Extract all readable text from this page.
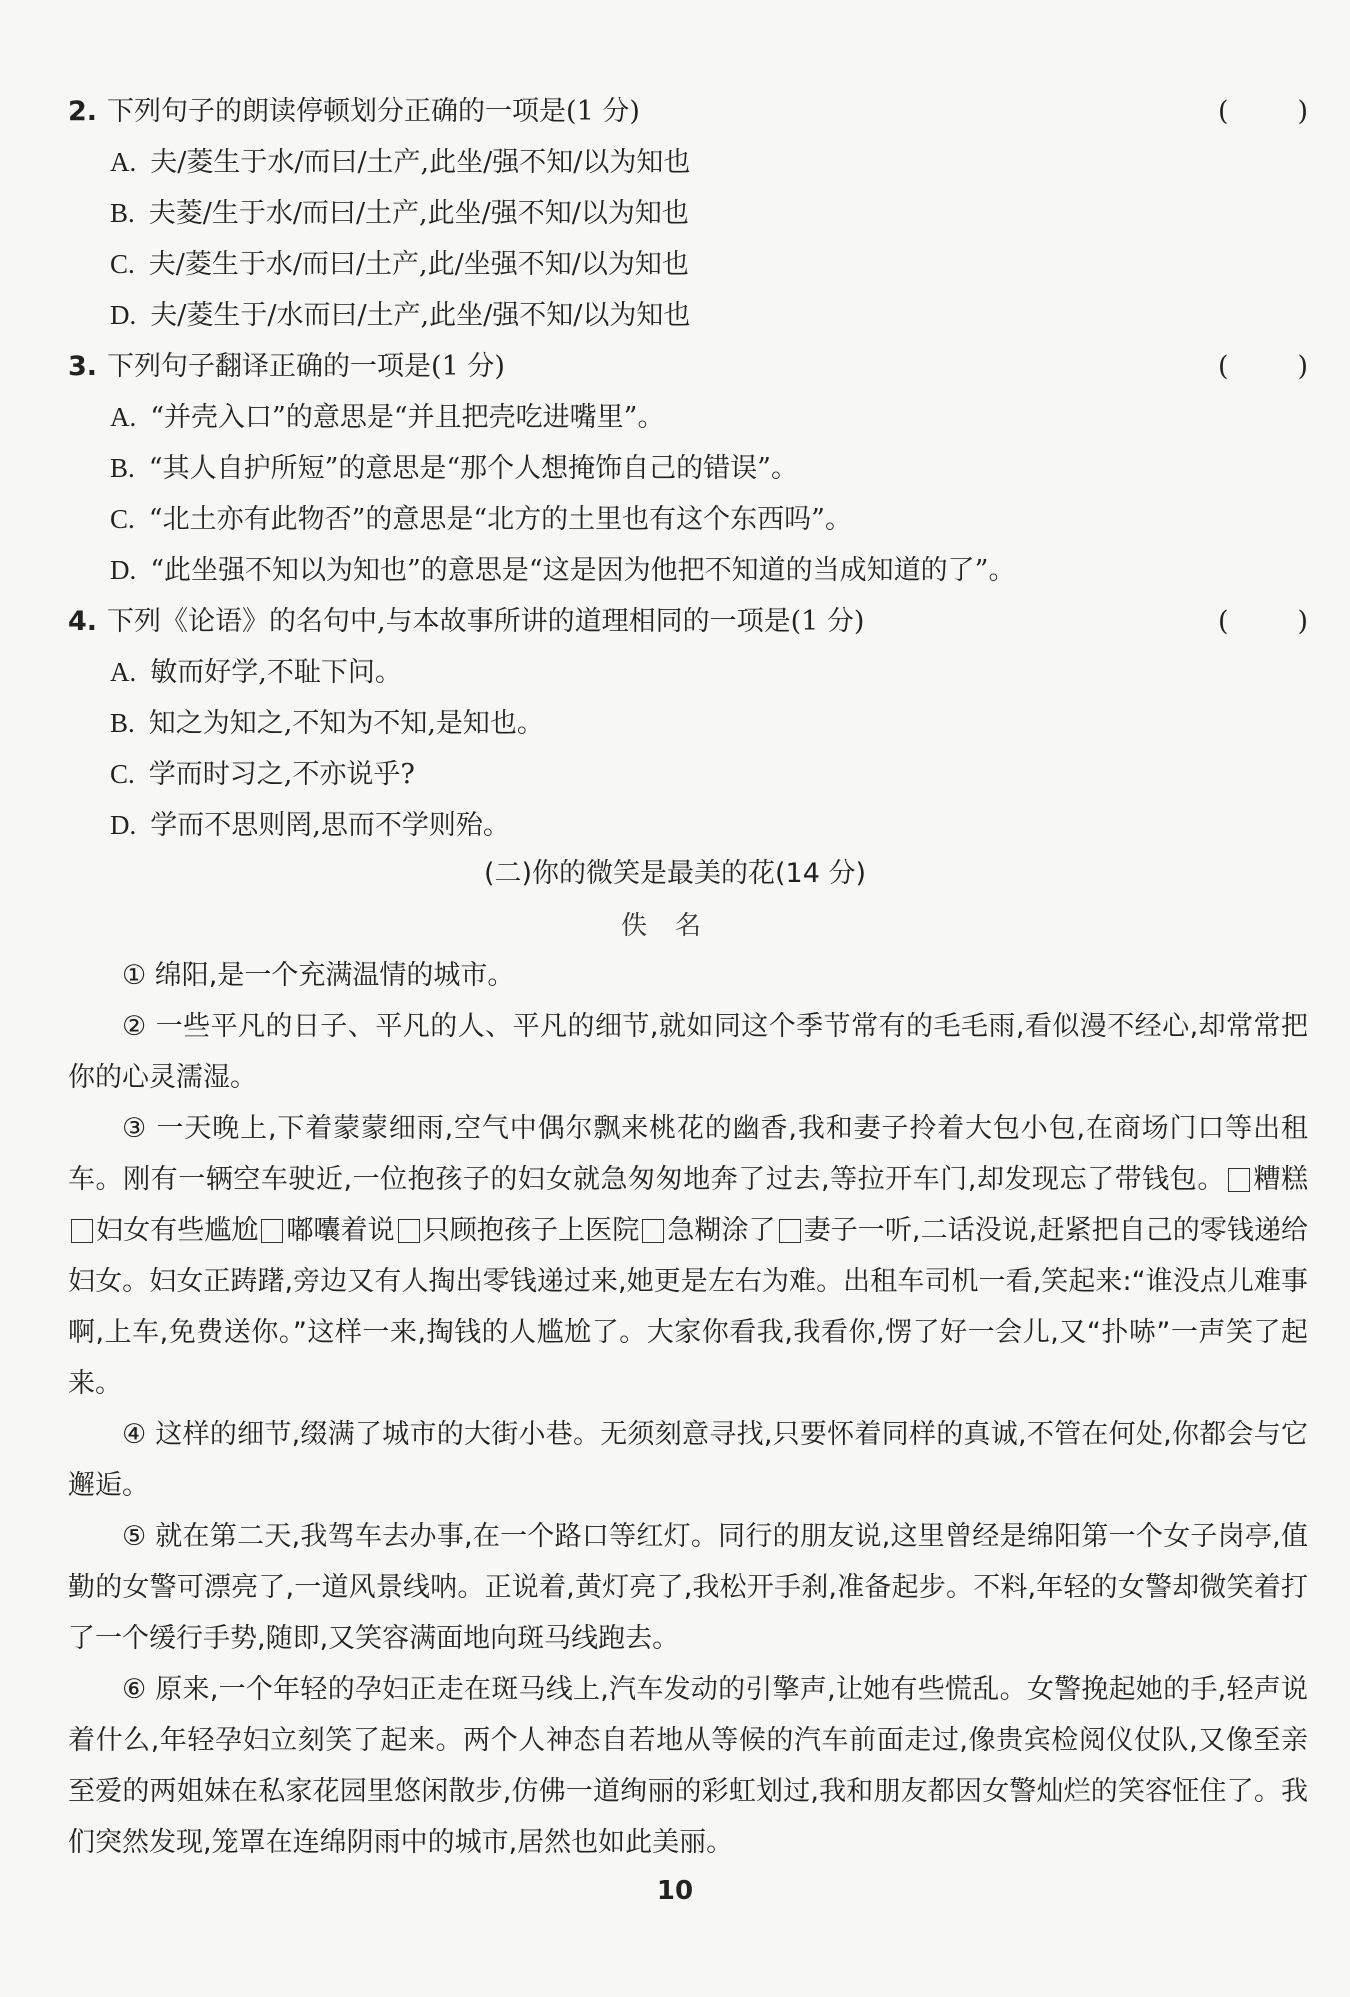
2. 下列句子的朗读停顿划分正确的一项是(1 分)	(	)
A. 夫/菱生于水/而曰/土产,此坐/强不知/以为知也
B. 夫菱/生于水/而曰/土产,此坐/强不知/以为知也
C. 夫/菱生于水/而曰/土产,此/坐强不知/以为知也
D. 夫/菱生于/水而曰/土产,此坐/强不知/以为知也
3. 下列句子翻译正确的一项是(1 分)	(	)
A. “并壳入口”的意思是“并且把壳吃进嘴里”。
B. “其人自护所短”的意思是“那个人想掩饰自己的错误”。
C. “北土亦有此物否”的意思是“北方的土里也有这个东西吗”。
D. “此坐强不知以为知也”的意思是“这是因为他把不知道的当成知道的了”。
4. 下列《论语》的名句中,与本故事所讲的道理相同的一项是(1 分)	(	)
A. 敏而好学,不耻下问。
B. 知之为知之,不知为不知,是知也。
C. 学而时习之,不亦说乎?
D. 学而不思则罔,思而不学则殆。
(二)你的微笑是最美的花(14 分)
佚名

① 绵阳,是一个充满温情的城市。

② 一些平凡的日子、平凡的人、平凡的细节,就如同这个季节常有的毛毛雨,看似漫不经心,却常常把你的心灵濡湿。

③ 一天晚上,下着蒙蒙细雨,空气中偶尔飘来桃花的幽香,我和妻子拎着大包小包,在商场门口等出租车。刚有一辆空车驶近,一位抱孩子的妇女就急匆匆地奔了过去,等拉开车门,却发现忘了带钱包。 糟糕妇女有些尴尬 嘟囔着说 只顾抱孩子上医院 急糊涂了 妻子一听,二话没说,赶紧把自己的零钱递给妇女。妇女正踌躇,旁边又有人掏出零钱递过来,她更是左右为难。出租车司机一看,笑起来:“谁没点儿难事啊,上车,免费送你。”这样一来,掏钱的人尴尬了。大家你看我,我看你,愣了好一会儿,又“扑哧”一声笑了起来。

④ 这样的细节,缀满了城市的大街小巷。无须刻意寻找,只要怀着同样的真诚,不管在何处,你都会与它邂逅。

⑤ 就在第二天,我驾车去办事,在一个路口等红灯。同行的朋友说,这里曾经是绵阳第一个女子岗亭,值勤的女警可漂亮了,一道风景线呐。正说着,黄灯亮了,我松开手刹,准备起步。不料,年轻的女警却微笑着打了一个缓行手势,随即,又笑容满面地向斑马线跑去。

⑥ 原来,一个年轻的孕妇正走在斑马线上,汽车发动的引擎声,让她有些慌乱。女警挽起她的手,轻声说着什么,年轻孕妇立刻笑了起来。两个人神态自若地从等候的汽车前面走过,像贵宾检阅仪仗队,又像至亲至爱的两姐妹在私家花园里悠闲散步,仿佛一道绚丽的彩虹划过,我和朋友都因女警灿烂的笑容怔住了。我们突然发现,笼罩在连绵阴雨中的城市,居然也如此美丽。

10
